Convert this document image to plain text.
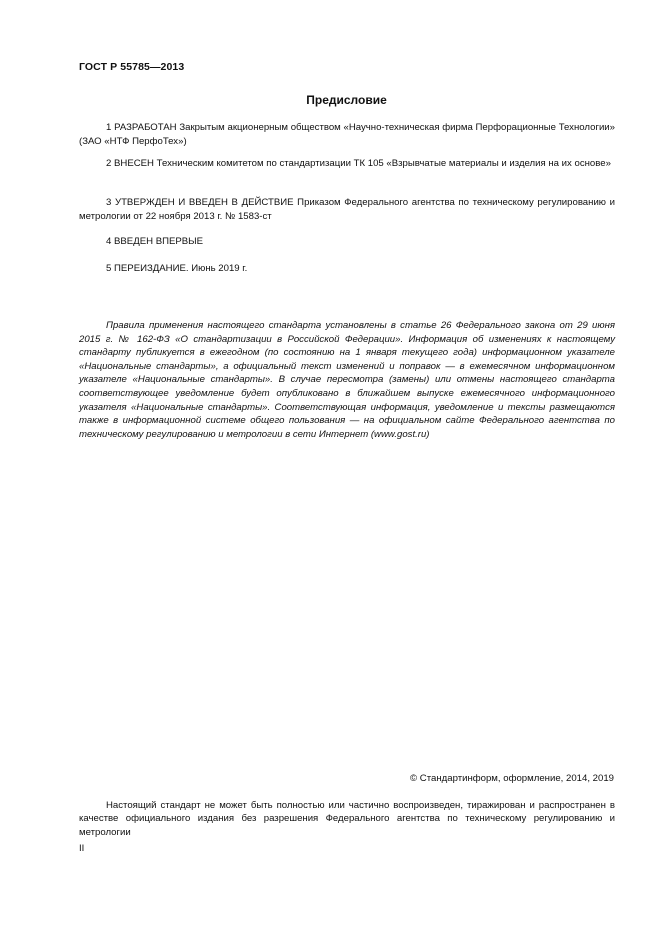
ГОСТ Р 55785—2013
Предисловие

1 РАЗРАБОТАН Закрытым акционерным обществом «Научно-техническая фирма Перфорационные Технологии» (ЗАО «НТФ ПерфоТех»)

2 ВНЕСЕН Техническим комитетом по стандартизации ТК 105 «Взрывчатые материалы и изделия на их основе»

3 УТВЕРЖДЕН И ВВЕДЕН В ДЕЙСТВИЕ Приказом Федерального агентства по техническому регулированию и метрологии от 22 ноября 2013 г. № 1583-ст

4 ВВЕДЕН ВПЕРВЫЕ

5 ПЕРЕИЗДАНИЕ. Июнь 2019 г.

Правила применения настоящего стандарта установлены в статье 26 Федерального закона от 29 июня 2015 г. № 162-ФЗ «О стандартизации в Российской Федерации». Информация об изменениях к настоящему стандарту публикуется в ежегодном (по состоянию на 1 января текущего года) информационном указателе «Национальные стандарты», а официальный текст изменений и поправок — в ежемесячном информационном указателе «Национальные стандарты». В случае пересмотра (замены) или отмены настоящего стандарта соответствующее уведомление будет опубликовано в ближайшем выпуске ежемесячного информационного указателя «Национальные стандарты». Соответствующая информация, уведомление и тексты размещаются также в информационной системе общего пользования — на официальном сайте Федерального агентства по техническому регулированию и метрологии в сети Интернет (www.gost.ru)

© Стандартинформ, оформление, 2014, 2019

Настоящий стандарт не может быть полностью или частично воспроизведен, тиражирован и распространен в качестве официального издания без разрешения Федерального агентства по техническому регулированию и метрологии

II
